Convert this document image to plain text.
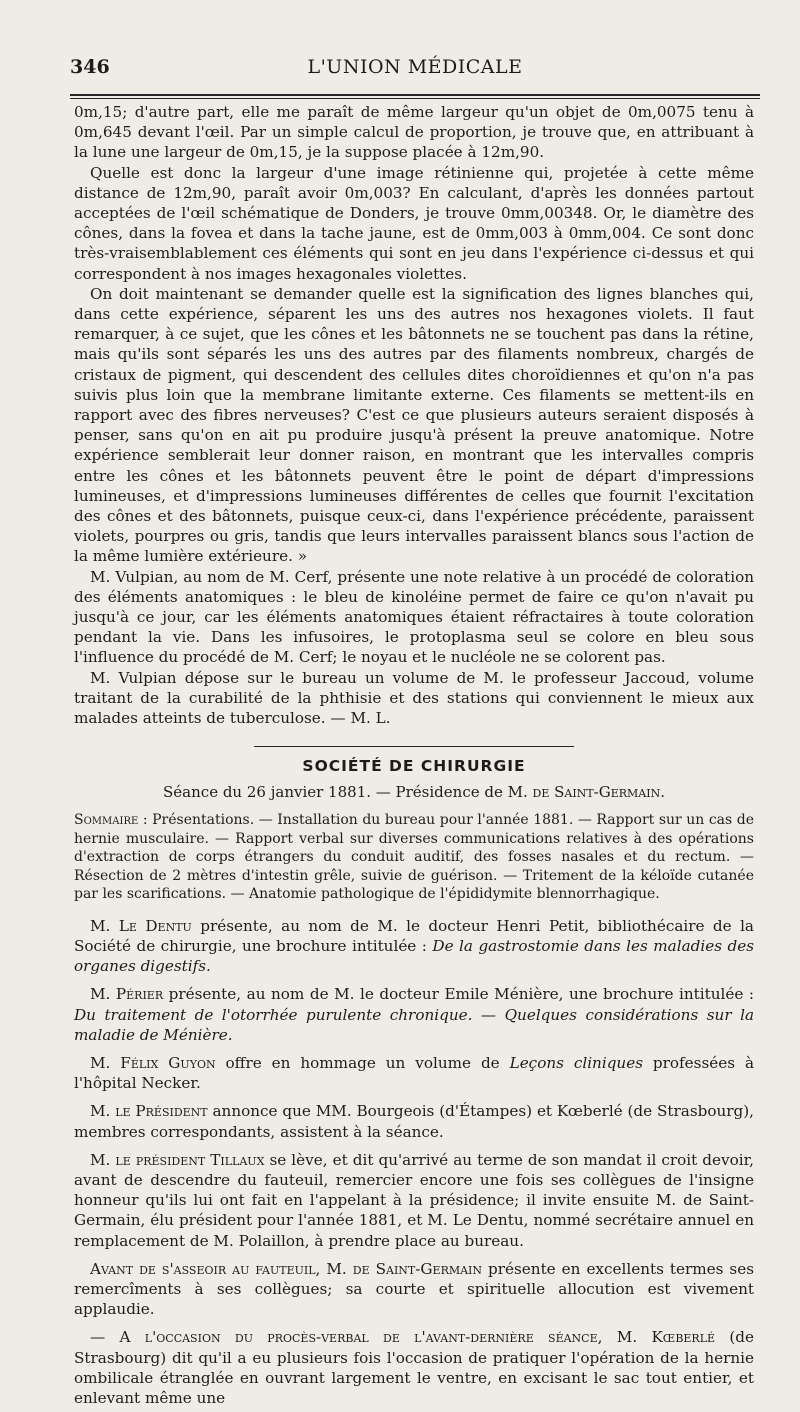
346	L'UNION MÉDICALE

0m,15; d'autre part, elle me paraît de même largeur qu'un objet de 0m,0075 tenu à 0m,645 devant l'œil. Par un simple calcul de proportion, je trouve que, en attribuant à la lune une largeur de 0m,15, je la suppose placée à 12m,90.

Quelle est donc la largeur d'une image rétinienne qui, projetée à cette même distance de 12m,90, paraît avoir 0m,003? En calculant, d'après les données partout acceptées de l'œil schématique de Donders, je trouve 0mm,00348. Or, le diamètre des cônes, dans la fovea et dans la tache jaune, est de 0mm,003 à 0mm,004. Ce sont donc très-vraisemblablement ces éléments qui sont en jeu dans l'expérience ci-dessus et qui correspondent à nos images hexagonales violettes.

On doit maintenant se demander quelle est la signification des lignes blanches qui, dans cette expérience, séparent les uns des autres nos hexagones violets. Il faut remarquer, à ce sujet, que les cônes et les bâtonnets ne se touchent pas dans la rétine, mais qu'ils sont séparés les uns des autres par des filaments nombreux, chargés de cristaux de pigment, qui descendent des cellules dites choroïdiennes et qu'on n'a pas suivis plus loin que la membrane limitante externe. Ces filaments se mettent-ils en rapport avec des fibres nerveuses? C'est ce que plusieurs auteurs seraient disposés à penser, sans qu'on en ait pu produire jusqu'à présent la preuve anatomique. Notre expérience semblerait leur donner raison, en montrant que les intervalles compris entre les cônes et les bâtonnets peuvent être le point de départ d'impressions lumineuses, et d'impressions lumineuses différentes de celles que fournit l'excitation des cônes et des bâtonnets, puisque ceux-ci, dans l'expérience précédente, paraissent violets, pourpres ou gris, tandis que leurs intervalles paraissent blancs sous l'action de la même lumière extérieure. »

M. Vulpian, au nom de M. Cerf, présente une note relative à un procédé de coloration des éléments anatomiques : le bleu de kinoléine permet de faire ce qu'on n'avait pu jusqu'à ce jour, car les éléments anatomiques étaient réfractaires à toute coloration pendant la vie. Dans les infusoires, le protoplasma seul se colore en bleu sous l'influence du procédé de M. Cerf; le noyau et le nucléole ne se colorent pas.

M. Vulpian dépose sur le bureau un volume de M. le professeur Jaccoud, volume traitant de la curabilité de la phthisie et des stations qui conviennent le mieux aux malades atteints de tuberculose. — M. L.

SOCIÉTÉ DE CHIRURGIE
Séance du 26 janvier 1881. — Présidence de M. de Saint-Germain.

Sommaire : Présentations. — Installation du bureau pour l'année 1881. — Rapport sur un cas de hernie musculaire. — Rapport verbal sur diverses communications relatives à des opérations d'extraction de corps étrangers du conduit auditif, des fosses nasales et du rectum. — Résection de 2 mètres d'intestin grêle, suivie de guérison. — Tritement de la kéloïde cutanée par les scarifications. — Anatomie pathologique de l'épididymite blennorrhagique.

M. Le Dentu présente, au nom de M. le docteur Henri Petit, bibliothécaire de la Société de chirurgie, une brochure intitulée : De la gastrostomie dans les maladies des organes digestifs.

M. Périer présente, au nom de M. le docteur Emile Ménière, une brochure intitulée : Du traitement de l'otorrhée purulente chronique. — Quelques considérations sur la maladie de Ménière.

M. Félix Guyon offre en hommage un volume de Leçons cliniques professées à l'hôpital Necker.

M. le Président annonce que MM. Bourgeois (d'Étampes) et Kœberlé (de Strasbourg), membres correspondants, assistent à la séance.

M. le président Tillaux se lève, et dit qu'arrivé au terme de son mandat il croit devoir, avant de descendre du fauteuil, remercier encore une fois ses collègues de l'insigne honneur qu'ils lui ont fait en l'appelant à la présidence; il invite ensuite M. de Saint-Germain, élu président pour l'année 1881, et M. Le Dentu, nommé secrétaire annuel en remplacement de M. Polaillon, à prendre place au bureau.

Avant de s'asseoir au fauteuil, M. de Saint-Germain présente en excellents termes ses remercîments à ses collègues; sa courte et spirituelle allocution est vivement applaudie.

— A l'occasion du procès-verbal de l'avant-dernière séance, M. Kœberlé (de Strasbourg) dit qu'il a eu plusieurs fois l'occasion de pratiquer l'opération de la hernie ombilicale étranglée en ouvrant largement le ventre, en excisant le sac tout entier, et enlevant même une
